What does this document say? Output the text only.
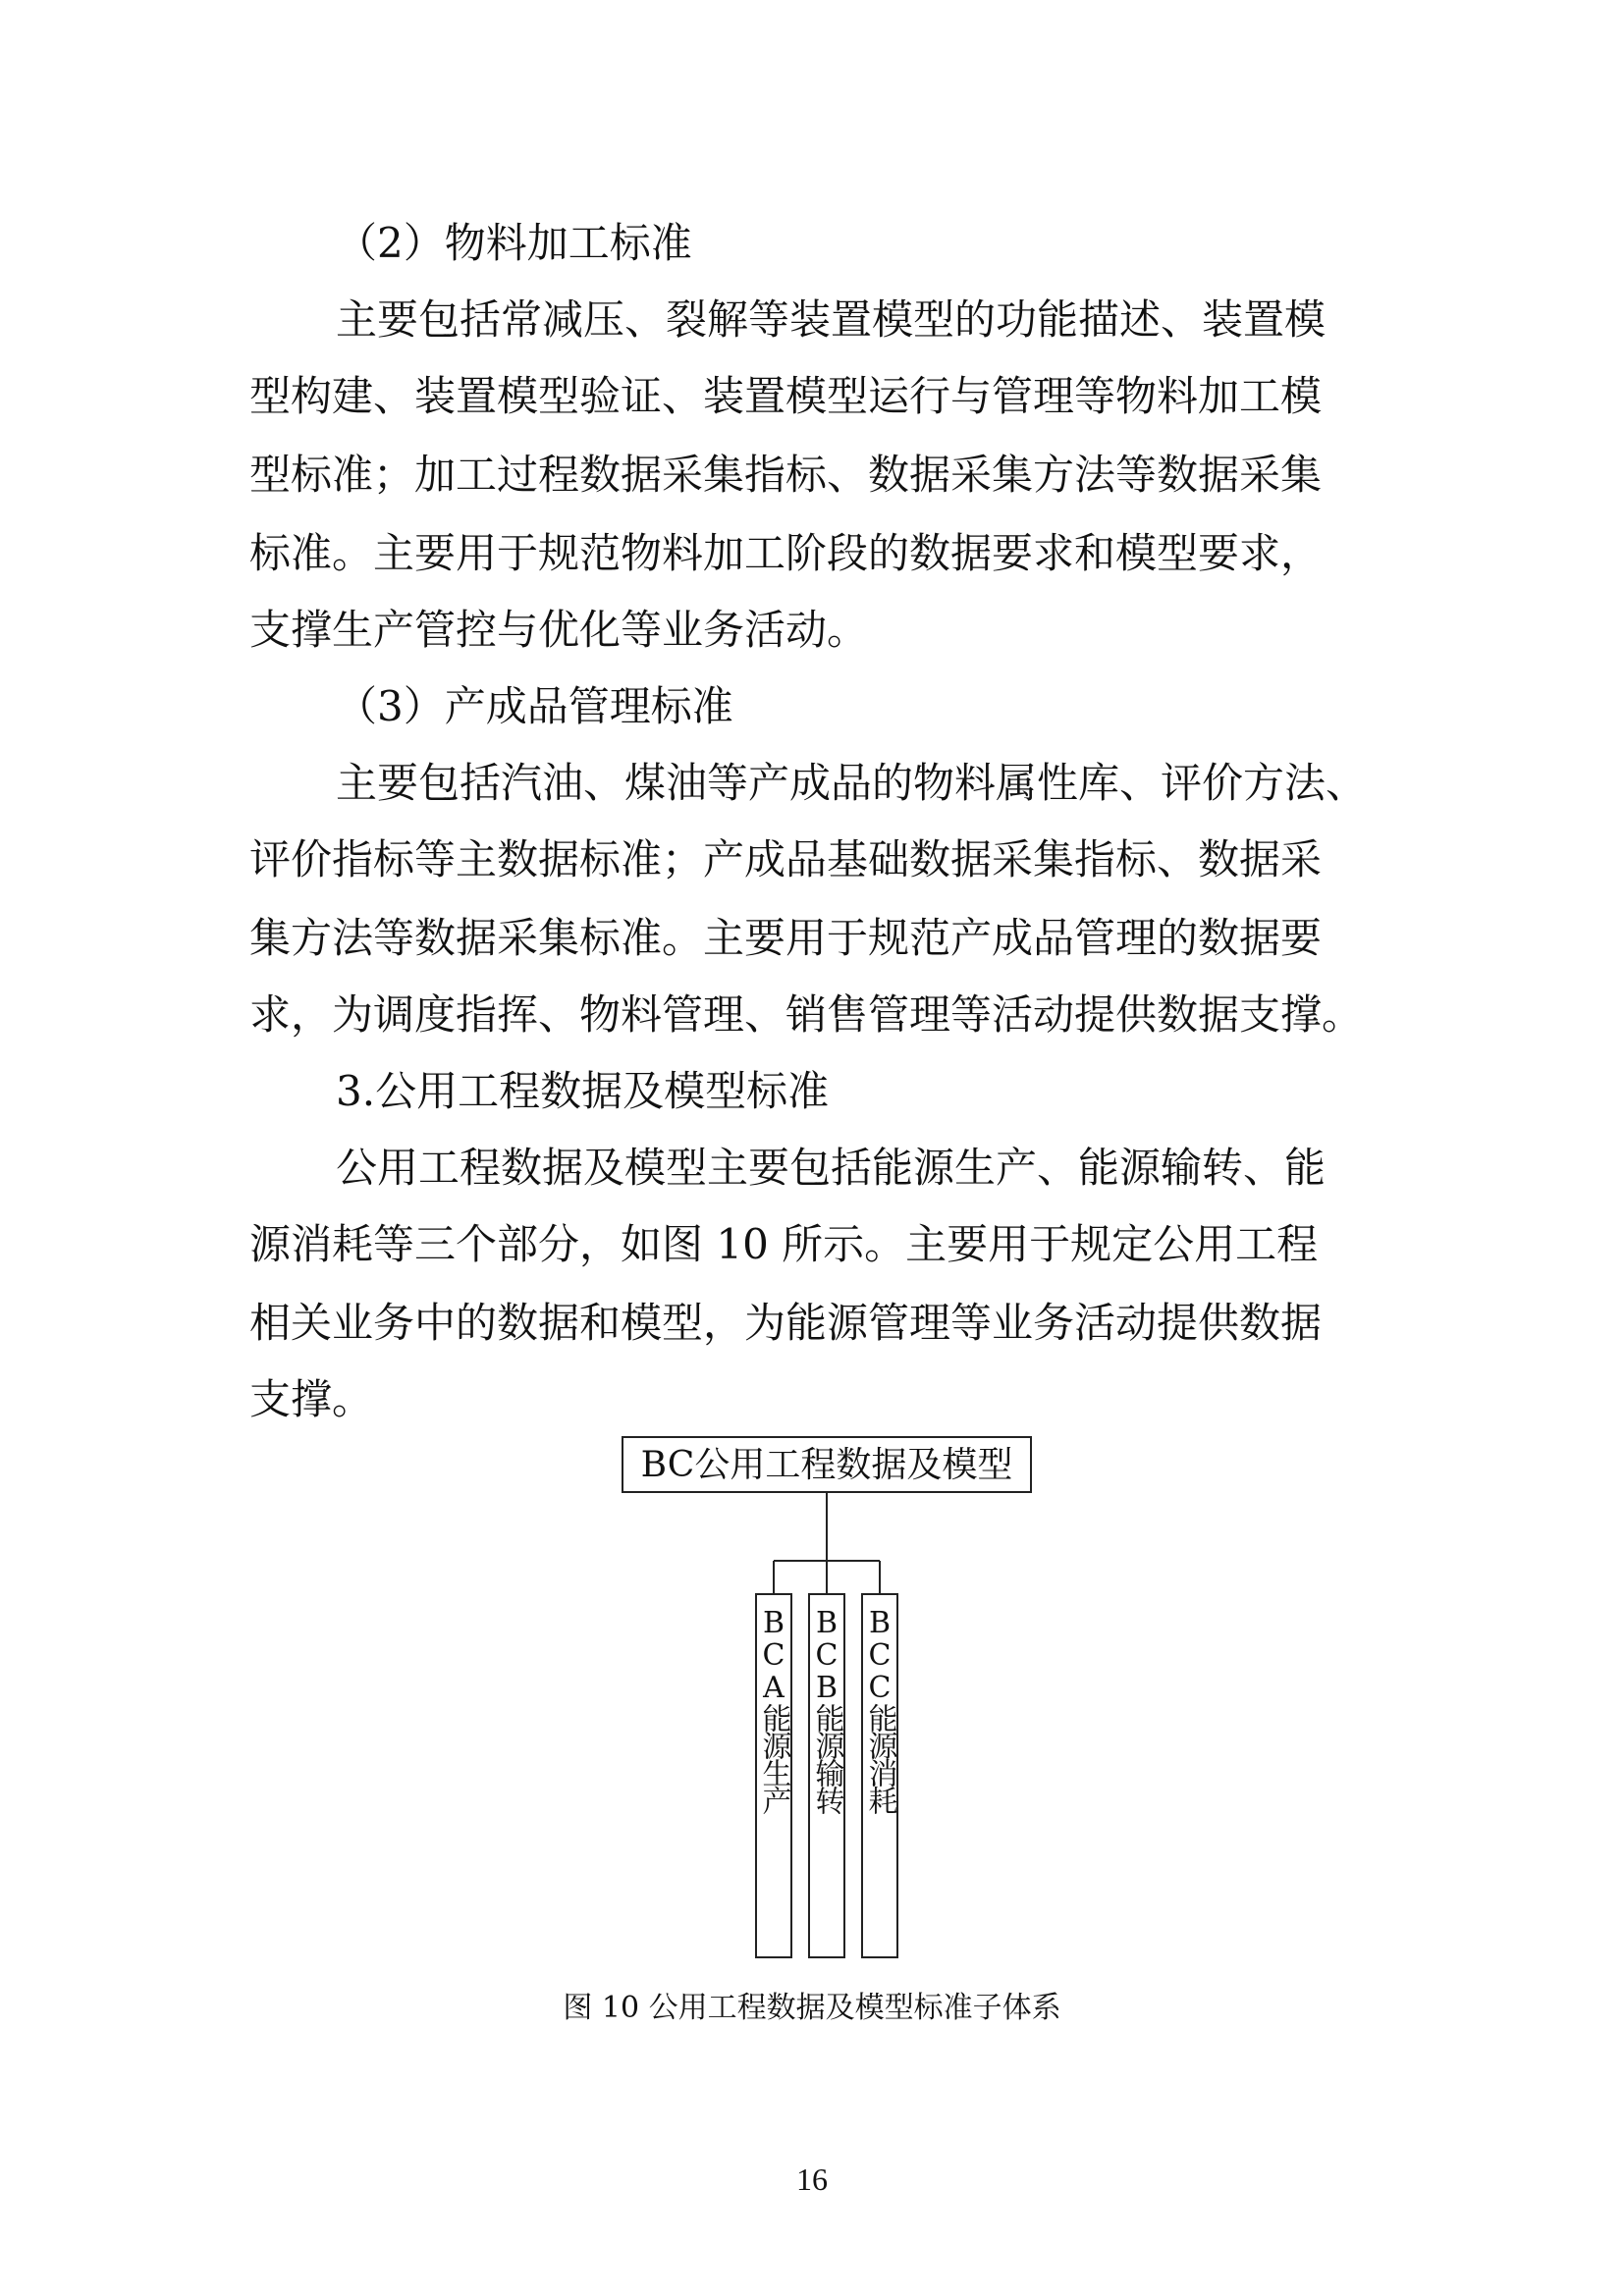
（2）物料加工标准
主要包括常减压、裂解等装置模型的功能描述、装置模
型构建、装置模型验证、装置模型运行与管理等物料加工模
型标准；加工过程数据采集指标、数据采集方法等数据采集
标准。主要用于规范物料加工阶段的数据要求和模型要求，
支撑生产管控与优化等业务活动。
（3）产成品管理标准
主要包括汽油、煤油等产成品的物料属性库、评价方法、
评价指标等主数据标准；产成品基础数据采集指标、数据采
集方法等数据采集标准。主要用于规范产成品管理的数据要
求，为调度指挥、物料管理、销售管理等活动提供数据支撑。
3.公用工程数据及模型标准
公用工程数据及模型主要包括能源生产、能源输转、能
源消耗等三个部分，如图 10 所示。主要用于规定公用工程
相关业务中的数据和模型，为能源管理等业务活动提供数据
支撑。
BC公用工程数据及模型
BCA能源生产 BCB能源输转 BCC能源消耗
图 10 公用工程数据及模型标准子体系
16
